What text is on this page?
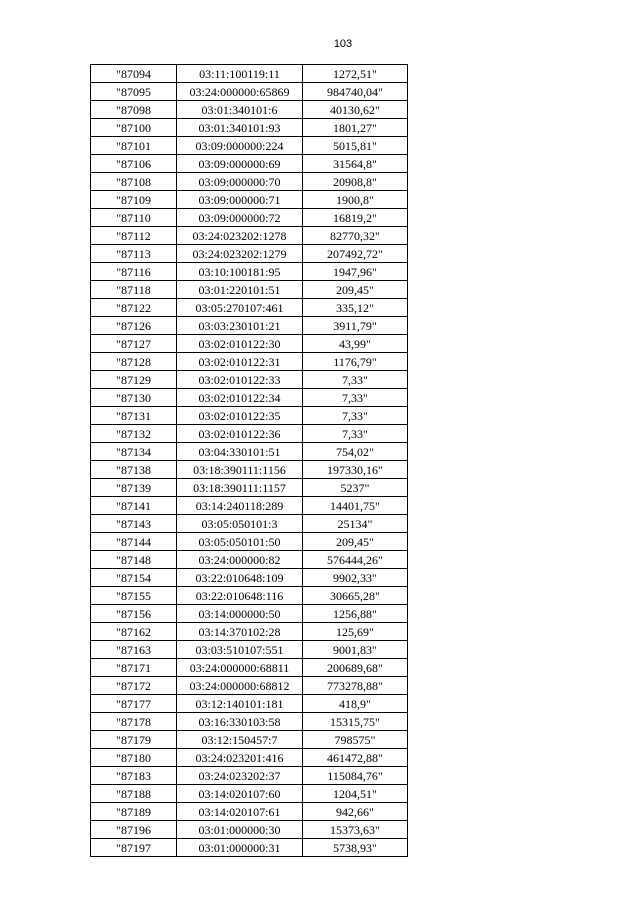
103
"87094	03:11:100119:11	1272,51"
"87095	03:24:000000:65869	984740,04"
"87098	03:01:340101:6	40130,62"
"87100	03:01:340101:93	1801,27"
"87101	03:09:000000:224	5015,81"
"87106	03:09:000000:69	31564,8"
"87108	03:09:000000:70	20908,8"
"87109	03:09:000000:71	1900,8"
"87110	03:09:000000:72	16819,2"
"87112	03:24:023202:1278	82770,32"
"87113	03:24:023202:1279	207492,72"
"87116	03:10:100181:95	1947,96"
"87118	03:01:220101:51	209,45"
"87122	03:05:270107:461	335,12"
"87126	03:03:230101:21	3911,79"
"87127	03:02:010122:30	43,99"
"87128	03:02:010122:31	1176,79"
"87129	03:02:010122:33	7,33"
"87130	03:02:010122:34	7,33"
"87131	03:02:010122:35	7,33"
"87132	03:02:010122:36	7,33"
"87134	03:04:330101:51	754,02"
"87138	03:18:390111:1156	197330,16"
"87139	03:18:390111:1157	5237"
"87141	03:14:240118:289	14401,75"
"87143	03:05:050101:3	25134"
"87144	03:05:050101:50	209,45"
"87148	03:24:000000:82	576444,26"
"87154	03:22:010648:109	9902,33"
"87155	03:22:010648:116	30665,28"
"87156	03:14:000000:50	1256,88"
"87162	03:14:370102:28	125,69"
"87163	03:03:510107:551	9001,83"
"87171	03:24:000000:68811	200689,68"
"87172	03:24:000000:68812	773278,88"
"87177	03:12:140101:181	418,9"
"87178	03:16:330103:58	15315,75"
"87179	03:12:150457:7	798575"
"87180	03:24:023201:416	461472,88"
"87183	03:24:023202:37	115084,76"
"87188	03:14:020107:60	1204,51"
"87189	03:14:020107:61	942,66"
"87196	03:01:000000:30	15373,63"
"87197	03:01:000000:31	5738,93"
